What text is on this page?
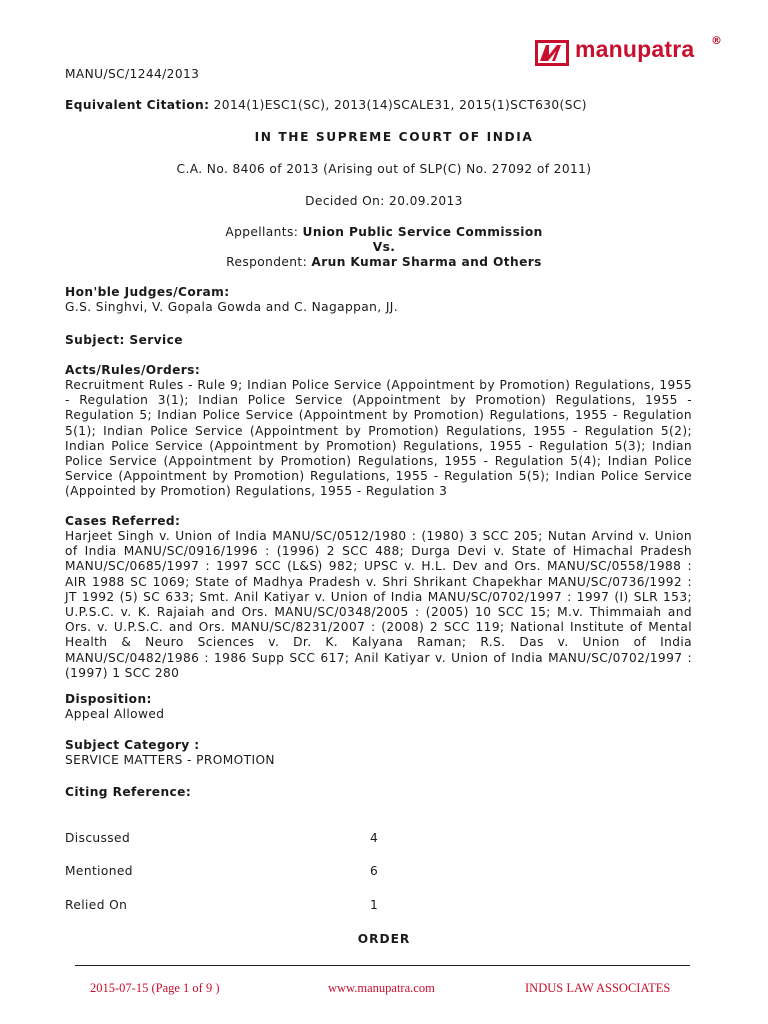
manupatra ®
MANU/SC/1244/2013
Equivalent Citation: 2014(1)ESC1(SC), 2013(14)SCALE31, 2015(1)SCT630(SC)
IN THE SUPREME COURT OF INDIA
C.A. No. 8406 of 2013 (Arising out of SLP(C) No. 27092 of 2011)
Decided On: 20.09.2013
Appellants: Union Public Service Commission
Vs.
Respondent: Arun Kumar Sharma and Others
Hon'ble Judges/Coram:
G.S. Singhvi, V. Gopala Gowda and C. Nagappan, JJ.
Subject: Service
Acts/Rules/Orders:
Recruitment Rules - Rule 9; Indian Police Service (Appointment by Promotion) Regulations, 1955 - Regulation 3(1); Indian Police Service (Appointment by Promotion) Regulations, 1955 - Regulation 5; Indian Police Service (Appointment by Promotion) Regulations, 1955 - Regulation 5(1); Indian Police Service (Appointment by Promotion) Regulations, 1955 - Regulation 5(2); Indian Police Service (Appointment by Promotion) Regulations, 1955 - Regulation 5(3); Indian Police Service (Appointment by Promotion) Regulations, 1955 - Regulation 5(4); Indian Police Service (Appointment by Promotion) Regulations, 1955 - Regulation 5(5); Indian Police Service (Appointed by Promotion) Regulations, 1955 - Regulation 3
Cases Referred:
Harjeet Singh v. Union of India MANU/SC/0512/1980 : (1980) 3 SCC 205; Nutan Arvind v. Union of India MANU/SC/0916/1996 : (1996) 2 SCC 488; Durga Devi v. State of Himachal Pradesh MANU/SC/0685/1997 : 1997 SCC (L&S) 982; UPSC v. H.L. Dev and Ors. MANU/SC/0558/1988 : AIR 1988 SC 1069; State of Madhya Pradesh v. Shri Shrikant Chapekhar MANU/SC/0736/1992 : JT 1992 (5) SC 633; Smt. Anil Katiyar v. Union of India MANU/SC/0702/1997 : 1997 (I) SLR 153; U.P.S.C. v. K. Rajaiah and Ors. MANU/SC/0348/2005 : (2005) 10 SCC 15; M.v. Thimmaiah and Ors. v. U.P.S.C. and Ors. MANU/SC/8231/2007 : (2008) 2 SCC 119; National Institute of Mental Health & Neuro Sciences v. Dr. K. Kalyana Raman; R.S. Das v. Union of India MANU/SC/0482/1986 : 1986 Supp SCC 617; Anil Katiyar v. Union of India MANU/SC/0702/1997 : (1997) 1 SCC 280
Disposition:
Appeal Allowed
Subject Category :
SERVICE MATTERS - PROMOTION
Citing Reference:
Discussed	4
Mentioned	6
Relied On	1
ORDER
2015-07-15 (Page 1 of 9 )	www.manupatra.com	INDUS LAW ASSOCIATES
